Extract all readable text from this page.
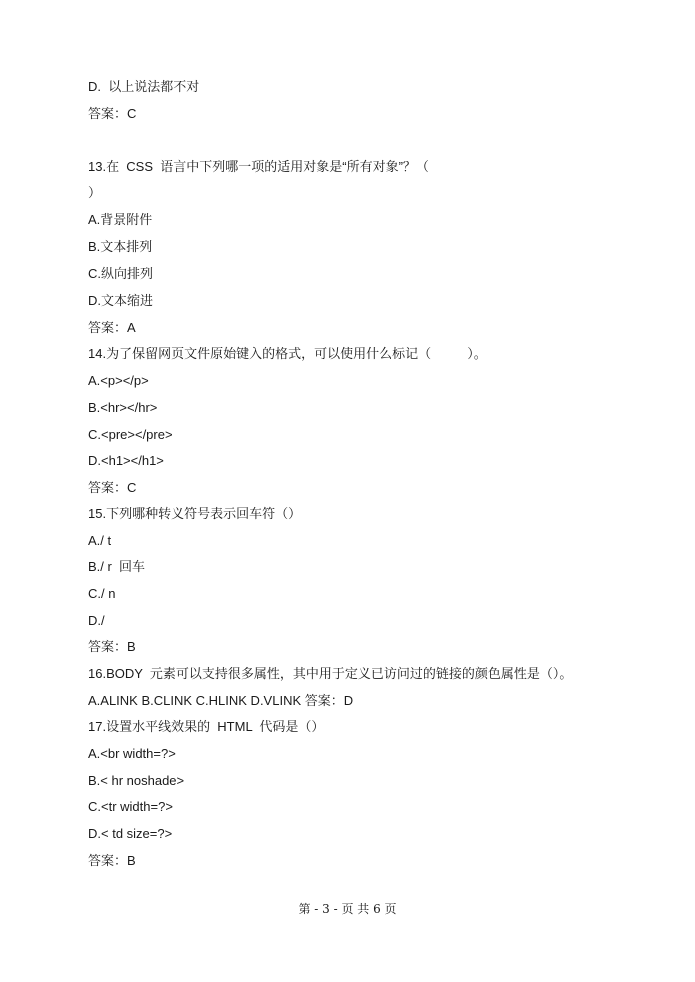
D.  以上说法都不对
答案：C
13.在  CSS  语言中下列哪一项的适用对象是“所有对象”？（
）
A.背景附件
B.文本排列
C.纵向排列
D.文本缩进
答案：A
14.为了保留网页文件原始键入的格式，可以使用什么标记（          ）。
A.<p></p>
B.<hr></hr>
C.<pre></pre>
D.<h1></h1>
答案：C
15.下列哪种转义符号表示回车符（）
A./ t
B./ r  回车
C./ n
D./
答案：B
16.BODY  元素可以支持很多属性，其中用于定义已访问过的链接的颜色属性是（）。
A.ALINK B.CLINK C.HLINK D.VLINK 答案：D
17.设置水平线效果的  HTML  代码是（）
A.<br width=?>
B.< hr noshade>
C.<tr width=?>
D.< td size=?>
答案：B
第 - 3 - 页 共 6 页
